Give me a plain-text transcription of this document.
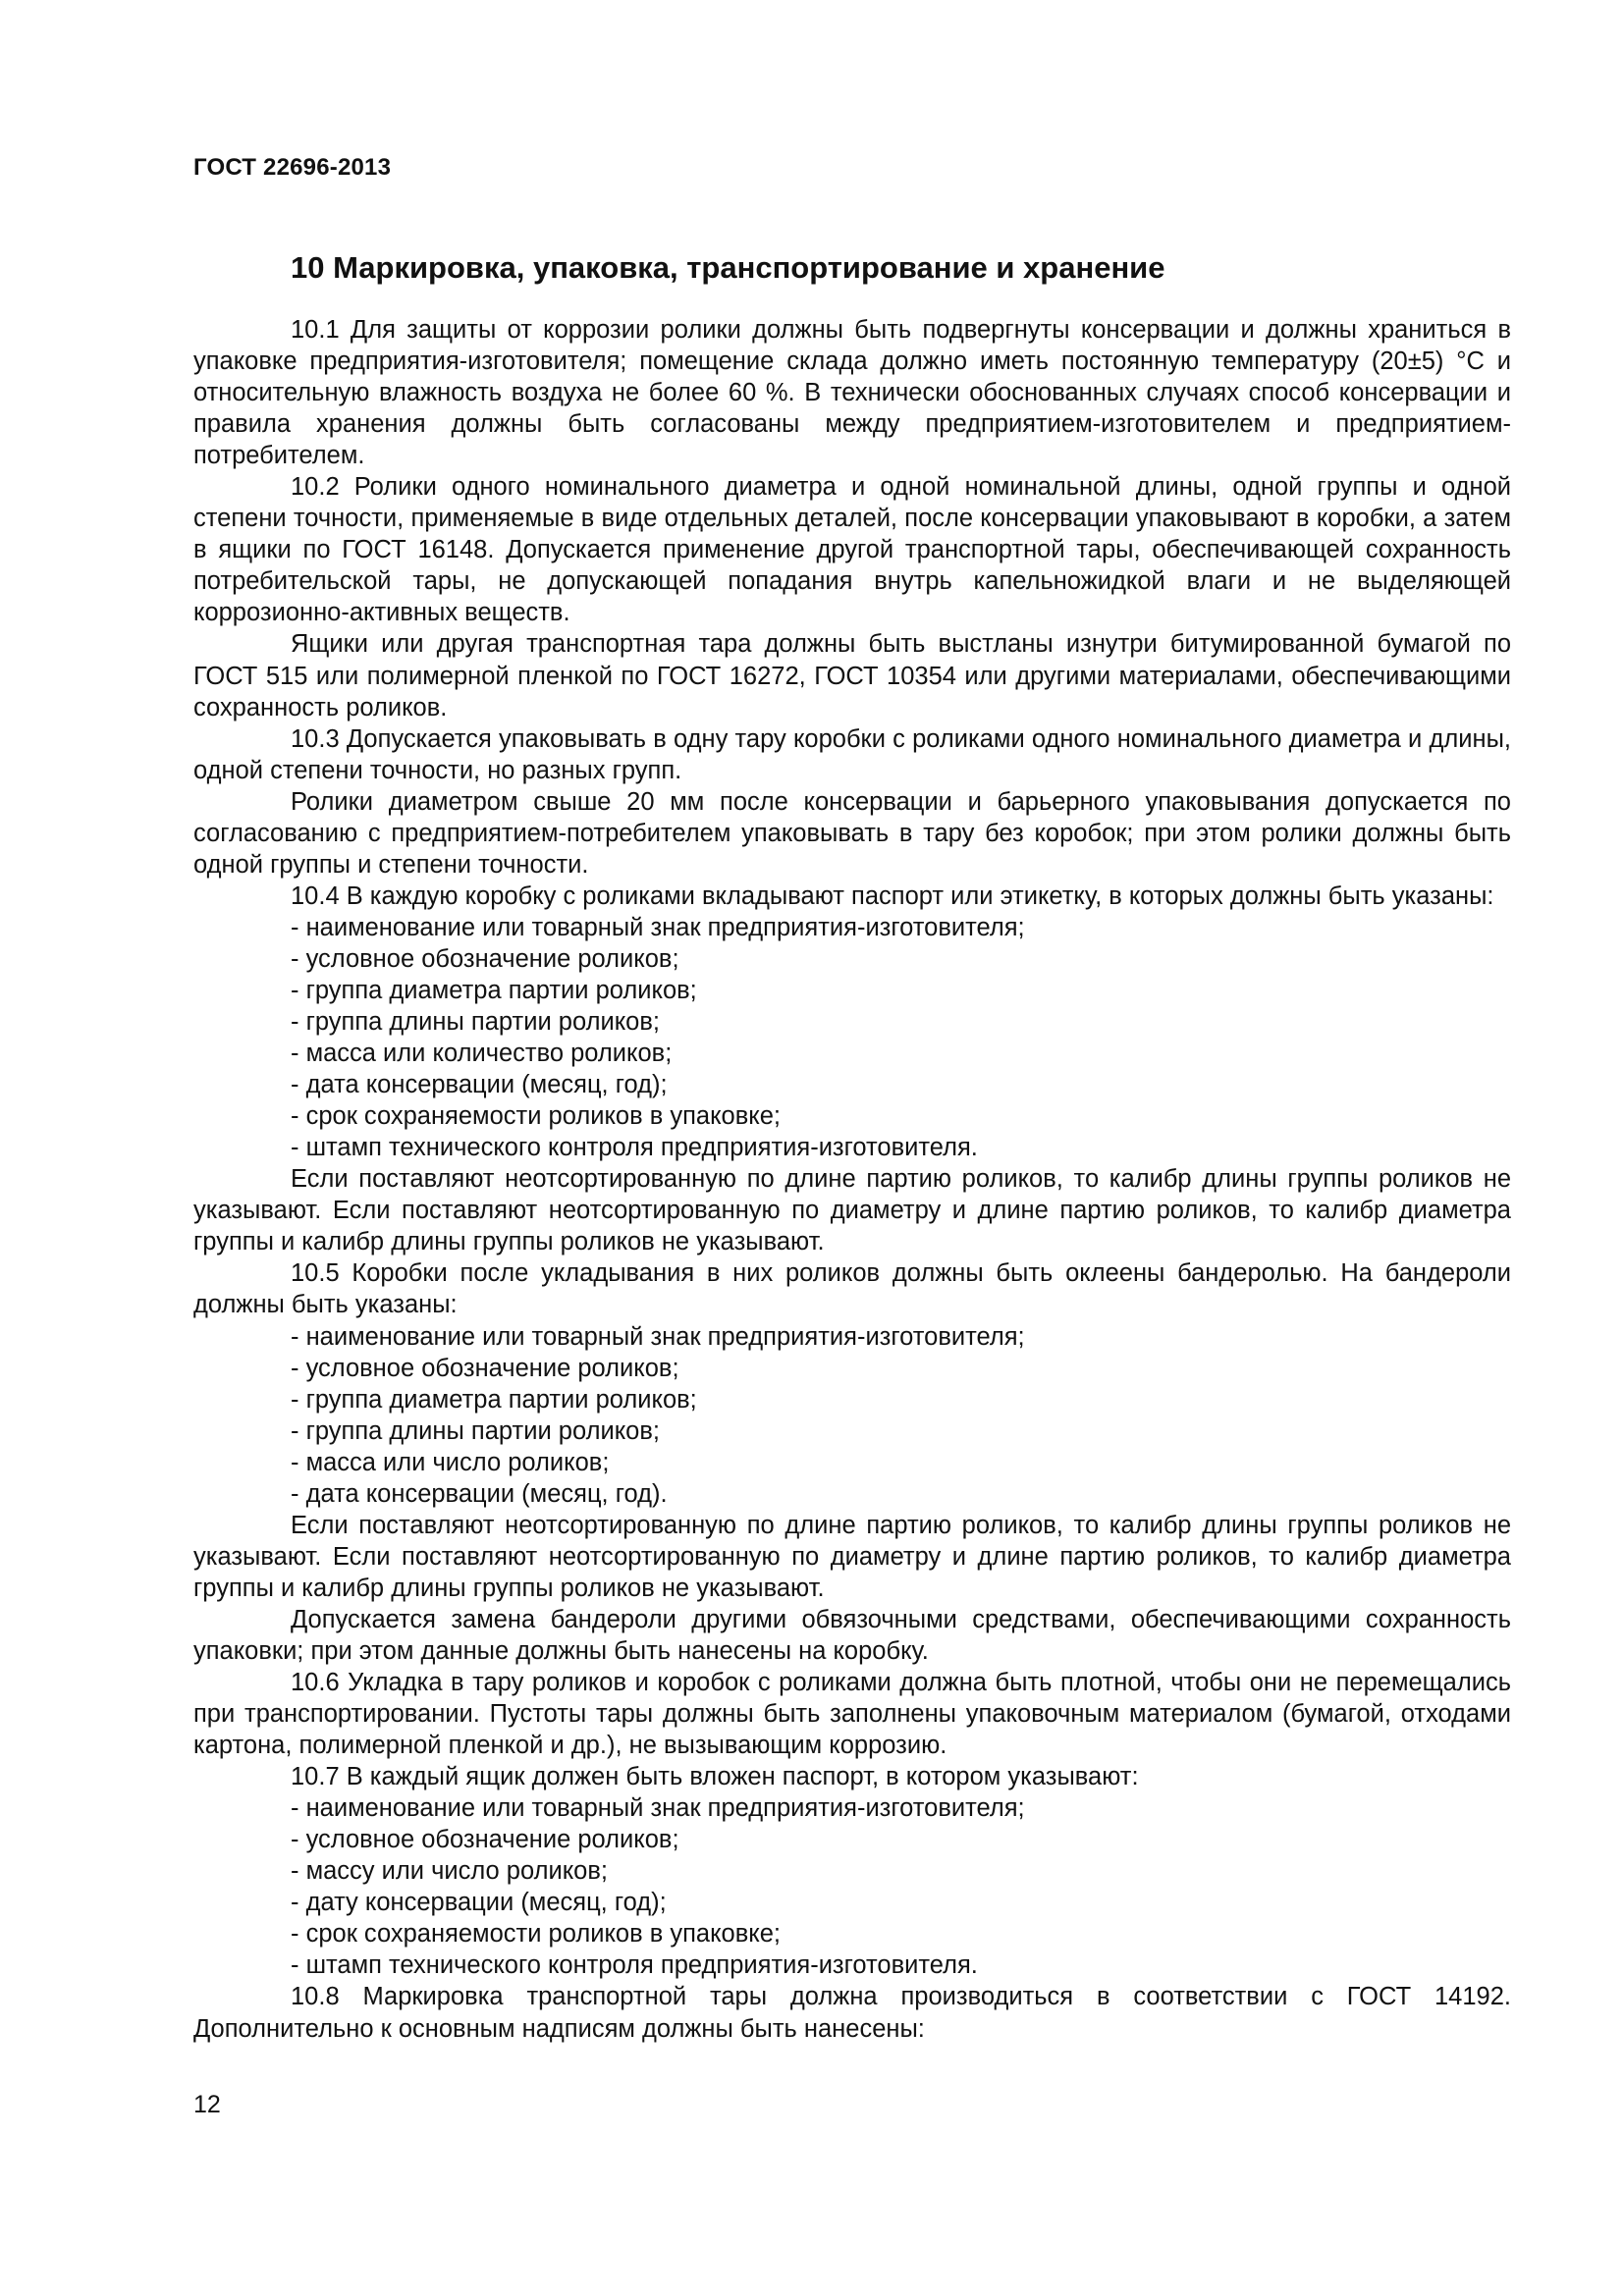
ГОСТ 22696-2013
10 Маркировка, упаковка, транспортирование и хранение

10.1 Для защиты от коррозии ролики должны быть подвергнуты консервации и должны храниться в упаковке предприятия-изготовителя; помещение склада должно иметь постоянную температуру (20±5) °С и относительную влажность воздуха не более 60 %. В технически обоснованных случаях способ консервации и правила хранения должны быть согласованы между предприятием-изготовителем и предприятием-потребителем.

10.2 Ролики одного номинального диаметра и одной номинальной длины, одной группы и одной степени точности, применяемые в виде отдельных деталей, после консервации упаковывают в коробки, а затем в ящики по ГОСТ 16148. Допускается применение другой транспортной тары, обеспечивающей сохранность потребительской тары, не допускающей попадания внутрь капельножидкой влаги и не выделяющей коррозионно-активных веществ.

Ящики или другая транспортная тара должны быть выстланы изнутри битумированной бумагой по ГОСТ 515 или полимерной пленкой по ГОСТ 16272, ГОСТ 10354 или другими материалами, обеспечивающими сохранность роликов.

10.3 Допускается упаковывать в одну тару коробки с роликами одного номинального диаметра и длины, одной степени точности, но разных групп.

Ролики диаметром свыше 20 мм после консервации и барьерного упаковывания допускается по согласованию с предприятием-потребителем упаковывать в тару без коробок; при этом ролики должны быть одной группы и степени точности.

10.4 В каждую коробку с роликами вкладывают паспорт или этикетку, в которых должны быть указаны:

- наименование или товарный знак предприятия-изготовителя;

- условное обозначение роликов;

- группа диаметра партии роликов;

- группа длины партии роликов;

- масса или количество роликов;

- дата консервации (месяц, год);

- срок сохраняемости роликов в упаковке;

- штамп технического контроля предприятия-изготовителя.

Если поставляют неотсортированную по длине партию роликов, то калибр длины группы роликов не указывают. Если поставляют неотсортированную по диаметру и длине партию роликов, то калибр диаметра группы и калибр длины группы роликов не указывают.

10.5 Коробки после укладывания в них роликов должны быть оклеены бандеролью. На бандероли должны быть указаны:

- наименование или товарный знак предприятия-изготовителя;

- условное обозначение роликов;

- группа диаметра партии роликов;

- группа длины партии роликов;

- масса или число роликов;

- дата консервации (месяц, год).

Если поставляют неотсортированную по длине партию роликов, то калибр длины группы роликов не указывают. Если поставляют неотсортированную по диаметру и длине партию роликов, то калибр диаметра группы и калибр длины группы роликов не указывают.

Допускается замена бандероли другими обвязочными средствами, обеспечивающими сохранность упаковки; при этом данные должны быть нанесены на коробку.

10.6 Укладка в тару роликов и коробок с роликами должна быть плотной, чтобы они не перемещались при транспортировании. Пустоты тары должны быть заполнены упаковочным материалом (бумагой, отходами картона, полимерной пленкой и др.), не вызывающим коррозию.

10.7 В каждый ящик должен быть вложен паспорт, в котором указывают:

- наименование или товарный знак предприятия-изготовителя;

- условное обозначение роликов;

- массу или число роликов;

- дату консервации (месяц, год);

- срок сохраняемости роликов в упаковке;

- штамп технического контроля предприятия-изготовителя.

10.8 Маркировка транспортной тары должна производиться в соответствии с ГОСТ 14192. Дополнительно к основным надписям должны быть нанесены:

12
